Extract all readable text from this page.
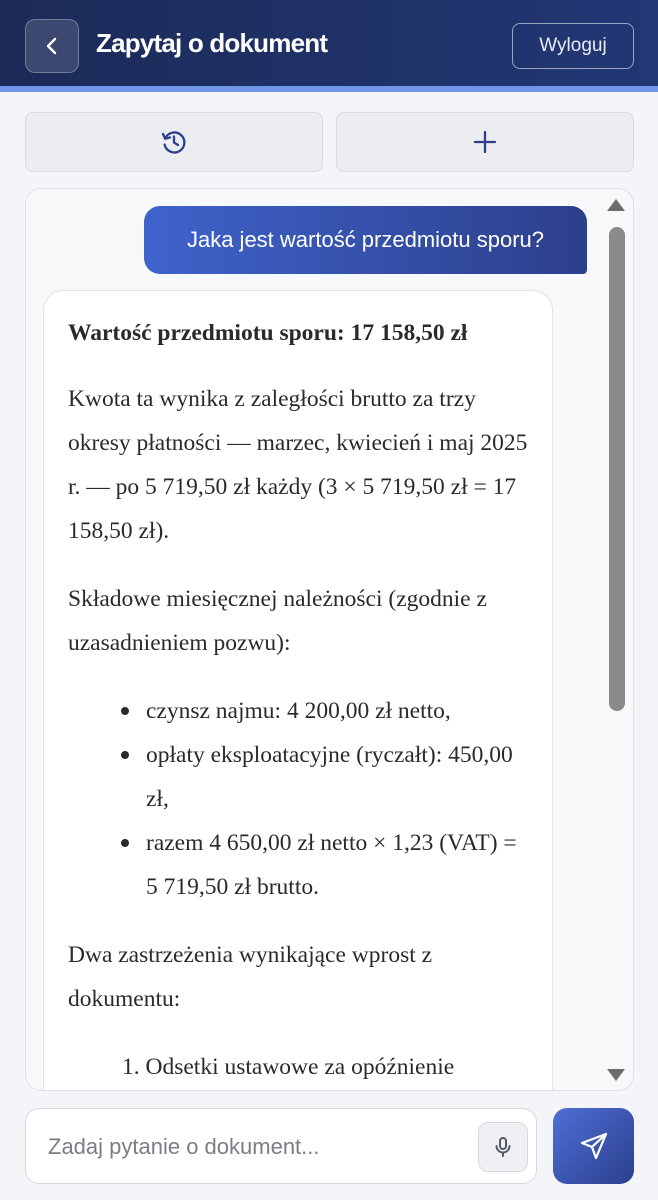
Zapytaj o dokument	Wyloguj
Jaka jest wartość przedmiotu sporu?
Wartość przedmiotu sporu: 17 158,50 zł

Kwota ta wynika z zaległości brutto za trzy okresy płatności — marzec, kwiecień i maj 2025 r. — po 5 719,50 zł każdy (3 × 5 719,50 zł = 17 158,50 zł).

Składowe miesięcznej należności (zgodnie z uzasadnieniem pozwu):

czynsz najmu: 4 200,00 zł netto,
opłaty eksploatacyjne (ryczałt): 450,00 zł,
razem 4 650,00 zł netto × 1,23 (VAT) = 5 719,50 zł brutto.

Dwa zastrzeżenia wynikające wprost z dokumentu:

1. Odsetki ustawowe za opóźnienie
Zadaj pytanie o dokument...
